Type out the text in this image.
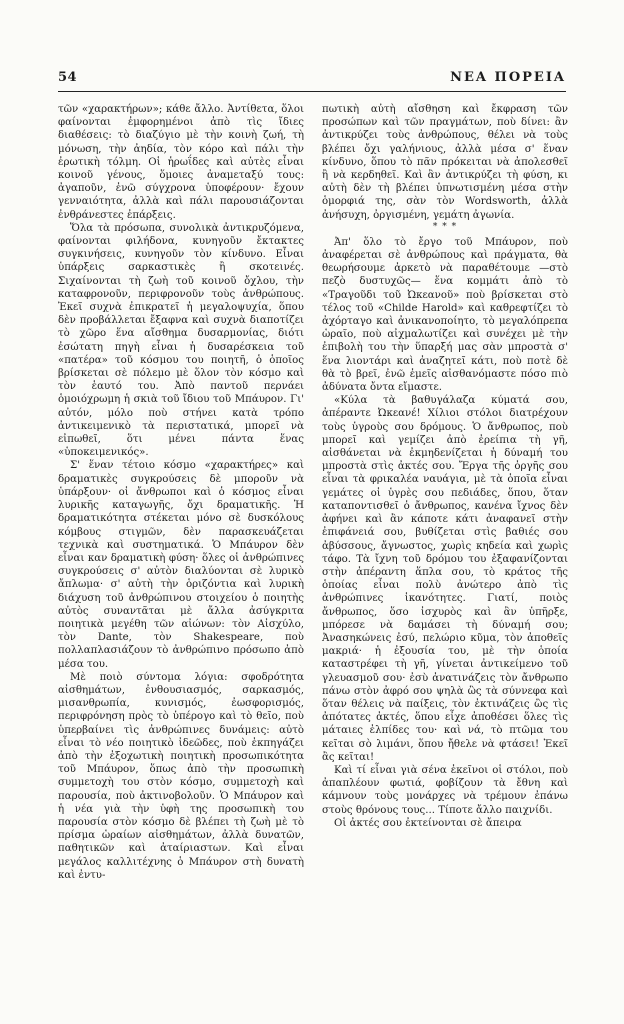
54	ΝΕΑ ΠΟΡΕΙΑ

τῶν «χαρακτήρων»; κάθε ἄλλο. Ἀντίθετα, ὅλοι φαίνονται ἐμφορημένοι ἀπὸ τὶς ἴδιες διαθέσεις: τὸ διαζύγιο μὲ τὴν κοινὴ ζωή, τὴ μόνωση, τὴν ἀηδία, τὸν κόρο καὶ πάλι τὴν ἐρωτικὴ τόλμη. Οἱ ἡρωΐδες καὶ αὐτὲς εἶναι κοινοῦ γένους, ὅμοιες ἀναμεταξύ τους: ἀγαποῦν, ἐνῶ σύγχρονα ὑποφέρουν· ἔχουν γενναιότητα, ἀλλὰ καὶ πάλι παρουσιάζονται ἐνθράνεστες ἐπάρξεις.

Ὅλα τὰ πρόσωπα, συνολικὰ ἀντικρυζόμενα, φαίνονται φιλήδονα, κυνηγοῦν ἔκτακτες συγκινήσεις, κυνηγοῦν τὸν κίνδυνο. Εἶναι ὑπάρξεις σαρκαστικὲς ἢ σκοτεινές. Σιχαίνονται τὴ ζωὴ τοῦ κοινοῦ ὄχλου, τὴν καταφρονοῦν, περιφρονοῦν τοὺς ἀνθρώπους. Ἐκεῖ συχνὰ ἐπικρατεῖ ἡ μεγαλοψυχία, ὅπου δὲν προβάλλεται ἔξαφνα καὶ συχνὰ διαποτίζει τὸ χῶρο ἕνα αἴσθημα δυσαρμονίας, διότι ἐσώτατη πηγὴ εἶναι ἡ δυσαρέσκεια τοῦ «πατέρα» τοῦ κόσμου του ποιητῆ, ὁ ὁποῖος βρίσκεται σὲ πόλεμο μὲ ὅλον τὸν κόσμο καὶ τὸν ἑαυτό του. Ἀπὸ παντοῦ περνάει ὁμοιόχρωμη ἡ σκιὰ τοῦ ἴδιου τοῦ Μπάυρον. Γι' αὐτόν, μόλο ποὺ στήνει κατὰ τρόπο ἀντικειμενικὸ τὰ περιστατικά, μπορεῖ νὰ εἰπωθεῖ, ὅτι μένει πάντα ἕνας «ὑποκειμενικός».

Σ' ἕναν τέτοιο κόσμο «χαρακτήρες» καὶ δραματικὲς συγκρούσεις δὲ μποροῦν νὰ ὑπάρξουν· οἱ ἄνθρωποι καὶ ὁ κόσμος εἶναι λυρικῆς καταγωγῆς, ὄχι δραματικῆς. Ἡ δραματικότητα στέκεται μόνο σὲ δυσκόλους κόμβους στιγμῶν, δὲν παρασκευάζεται τεχνικὰ καὶ συστηματικά. Ὁ Μπάυρον δὲν εἶναι καν δραματικὴ φύση· ὅλες οἱ ἀνθρώπινες συγκρούσεις σ' αὐτὸν διαλύονται σὲ λυρικὸ ἄπλωμα· σ' αὐτὴ τὴν ὁριζόντια καὶ λυρικὴ διάχυση τοῦ ἀνθρώπινου στοιχείου ὁ ποιητὴς αὐτὸς συναντᾶται μὲ ἄλλα ἀσύγκριτα ποιητικὰ μεγέθη τῶν αἰώνων: τὸν Αἰσχύλο, τὸν Dante, τὸν Shakespeare, ποὺ πολλαπλασιάζουν τὸ ἀνθρώπινο πρόσωπο ἀπὸ μέσα του.

Μὲ ποιὸ σύντομα λόγια: σφοδρότητα αἰσθημάτων, ἐνθουσιασμός, σαρκασμός, μισανθρωπία, κυνισμός, ἐωσφορισμός, περιφρόνηση πρὸς τὸ ὑπέρογο καὶ τὸ θεῖο, ποὺ ὑπερβαίνει τὶς ἀνθρώπινες δυνάμεις: αὐτὸ εἶναι τὸ νέο ποιητικὸ ἰδεῶδες, ποὺ ἐκπηγάζει ἀπὸ τὴν ἐξοχωτικὴ ποιητικὴ προσωπικότητα τοῦ Μπάυρον, ὅπως ἀπὸ τὴν προσωπικὴ συμμετοχὴ του στὸν κόσμο, συμμετοχὴ καὶ παρουσία, ποὺ ἀκτινοβολοῦν. Ὁ Μπάυρον καὶ ἡ νέα γιὰ τὴν ὑφὴ της προσωπικὴ του παρουσία στὸν κόσμο δὲ βλέπει τὴ ζωὴ μὲ τὸ πρίσμα ὡραίων αἰσθημάτων, ἀλλὰ δυνατῶν, παθητικῶν καὶ ἀταίριαστων. Καὶ εἶναι μεγάλος καλλιτέχνης ὁ Μπάυρον στὴ δυνατὴ καὶ ἐντυ-

πωτικὴ αὐτὴ αἴσθηση καὶ ἔκφραση τῶν προσώπων καὶ τῶν πραγμάτων, ποὺ δίνει: ἂν ἀντικρύζει τοὺς ἀνθρώπους, θέλει νὰ τοὺς βλέπει ὄχι γαλήνιους, ἀλλὰ μέσα σ' ἕναν κίνδυνο, ὅπου τὸ πᾶν πρόκειται νὰ ἀπολεσθεῖ ἢ νὰ κερδηθεῖ. Καὶ ἂν ἀντικρύζει τὴ φύση, κι αὐτὴ δὲν τὴ βλέπει ὑπνωτισμένη μέσα στὴν ὁμορφιά της, σὰν τὸν Wordsworth, ἀλλὰ ἀνήσυχη, ὀργισμένη, γεμάτη ἀγωνία.

* * *

Ἀπ' ὅλο τὸ ἔργο τοῦ Μπάυρον, ποὺ ἀναφέρεται σὲ ἀνθρώπους καὶ πράγματα, θὰ θεωρήσουμε ἀρκετὸ νὰ παραθέτουμε —στὸ πεζὸ δυστυχῶς— ἕνα κομμάτι ἀπὸ τὸ «Τραγοῦδι τοῦ Ὠκεανοῦ» ποὺ βρίσκεται στὸ τέλος τοῦ «Childe Harold» καὶ καθρεφτίζει τὸ ἀχόρταγο καὶ ἀνικανοποίητο, τὸ μεγαλόπρεπα ὡραῖο, ποὺ αἰχμαλωτίζει καὶ συνέχει μὲ τὴν ἐπιβολὴ του τὴν ὕπαρξή μας σὰν μπροστὰ σ' ἕνα λιοντάρι καὶ ἀναζητεῖ κάτι, ποὺ ποτὲ δὲ θὰ τὸ βρεῖ, ἐνῶ ἐμεῖς αἰσθανόμαστε πόσο πιὸ ἀδύνατα ὄντα εἴμαστε.

«Κύλα τὰ βαθυγάλαζα κύματά σου, ἀπέραντε Ὠκεανέ! Χίλιοι στόλοι διατρέχουν τοὺς ὑγροὺς σου δρόμους. Ὁ ἄνθρωπος, ποὺ μπορεῖ καὶ γεμίζει ἀπὸ ἐρείπια τὴ γῆ, αἰσθάνεται νὰ ἐκμηδενίζεται ἡ δύναμή του μπροστὰ στὶς ἀκτές σου. Ἔργα τῆς ὀργῆς σου εἶναι τὰ φρικαλέα ναυάγια, μὲ τὰ ὁποῖα εἶναι γεμάτες οἱ ὑγρὲς σου πεδιάδες, ὅπου, ὅταν καταποντισθεῖ ὁ ἄνθρωπος, κανένα ἴχνος δὲν ἀφήνει καὶ ἂν κάποτε κάτι ἀναφανεῖ στὴν ἐπιφάνειά σου, βυθίζεται στὶς βαθιές σου ἀβύσσους, ἄγνωστος, χωρὶς κηδεία καὶ χωρὶς τάφο. Τὰ ἴχνη τοῦ δρόμου του ἐξαφανίζονται στὴν ἀπέραντη ἅπλα σου, τὸ κράτος τῆς ὁποίας εἶναι πολὺ ἀνώτερο ἀπὸ τὶς ἀνθρώπινες ἱκανότητες. Γιατί, ποιὸς ἄνθρωπος, ὅσο ἰσχυρὸς καὶ ἂν ὑπῆρξε, μπόρεσε νὰ δαμάσει τὴ δύναμή σου; Ἀνασηκώνεις ἐσύ, πελώριο κῦμα, τὸν ἀποθεῖς μακριά· ἡ ἐξουσία του, μὲ τὴν ὁποία καταστρέφει τὴ γῆ, γίνεται ἀντικείμενο τοῦ γλευασμοῦ σου· ἐσὺ ἀνατινάζεις τὸν ἄνθρωπο πάνω στὸν ἀφρό σου ψηλὰ ὣς τὰ σύννεφα καὶ ὅταν θέλεις νὰ παίξεις, τὸν ἐκτινάζεις ὣς τὶς ἀπότατες ἀκτές, ὅπου εἶχε ἀποθέσει ὅλες τὶς μάταιες ἐλπίδες του· καὶ νά, τὸ πτῶμα του κεῖται σὸ λιμάνι, ὅπου ἤθελε νὰ φτάσει! Ἐκεῖ ἂς κεῖται!

Καὶ τί εἶναι γιὰ σένα ἐκεῖνοι οἱ στόλοι, ποὺ ἀπαπλέουν φωτιά, φοβίζουν τὰ ἔθνη καὶ κάμνουν τοὺς μονάρχες νὰ τρέμουν ἐπάνω στοὺς θρόνους τους... Τίποτε ἄλλο παιχνίδι.

Οἱ ἀκτές σου ἐκτείνονται σὲ ἄπειρα
